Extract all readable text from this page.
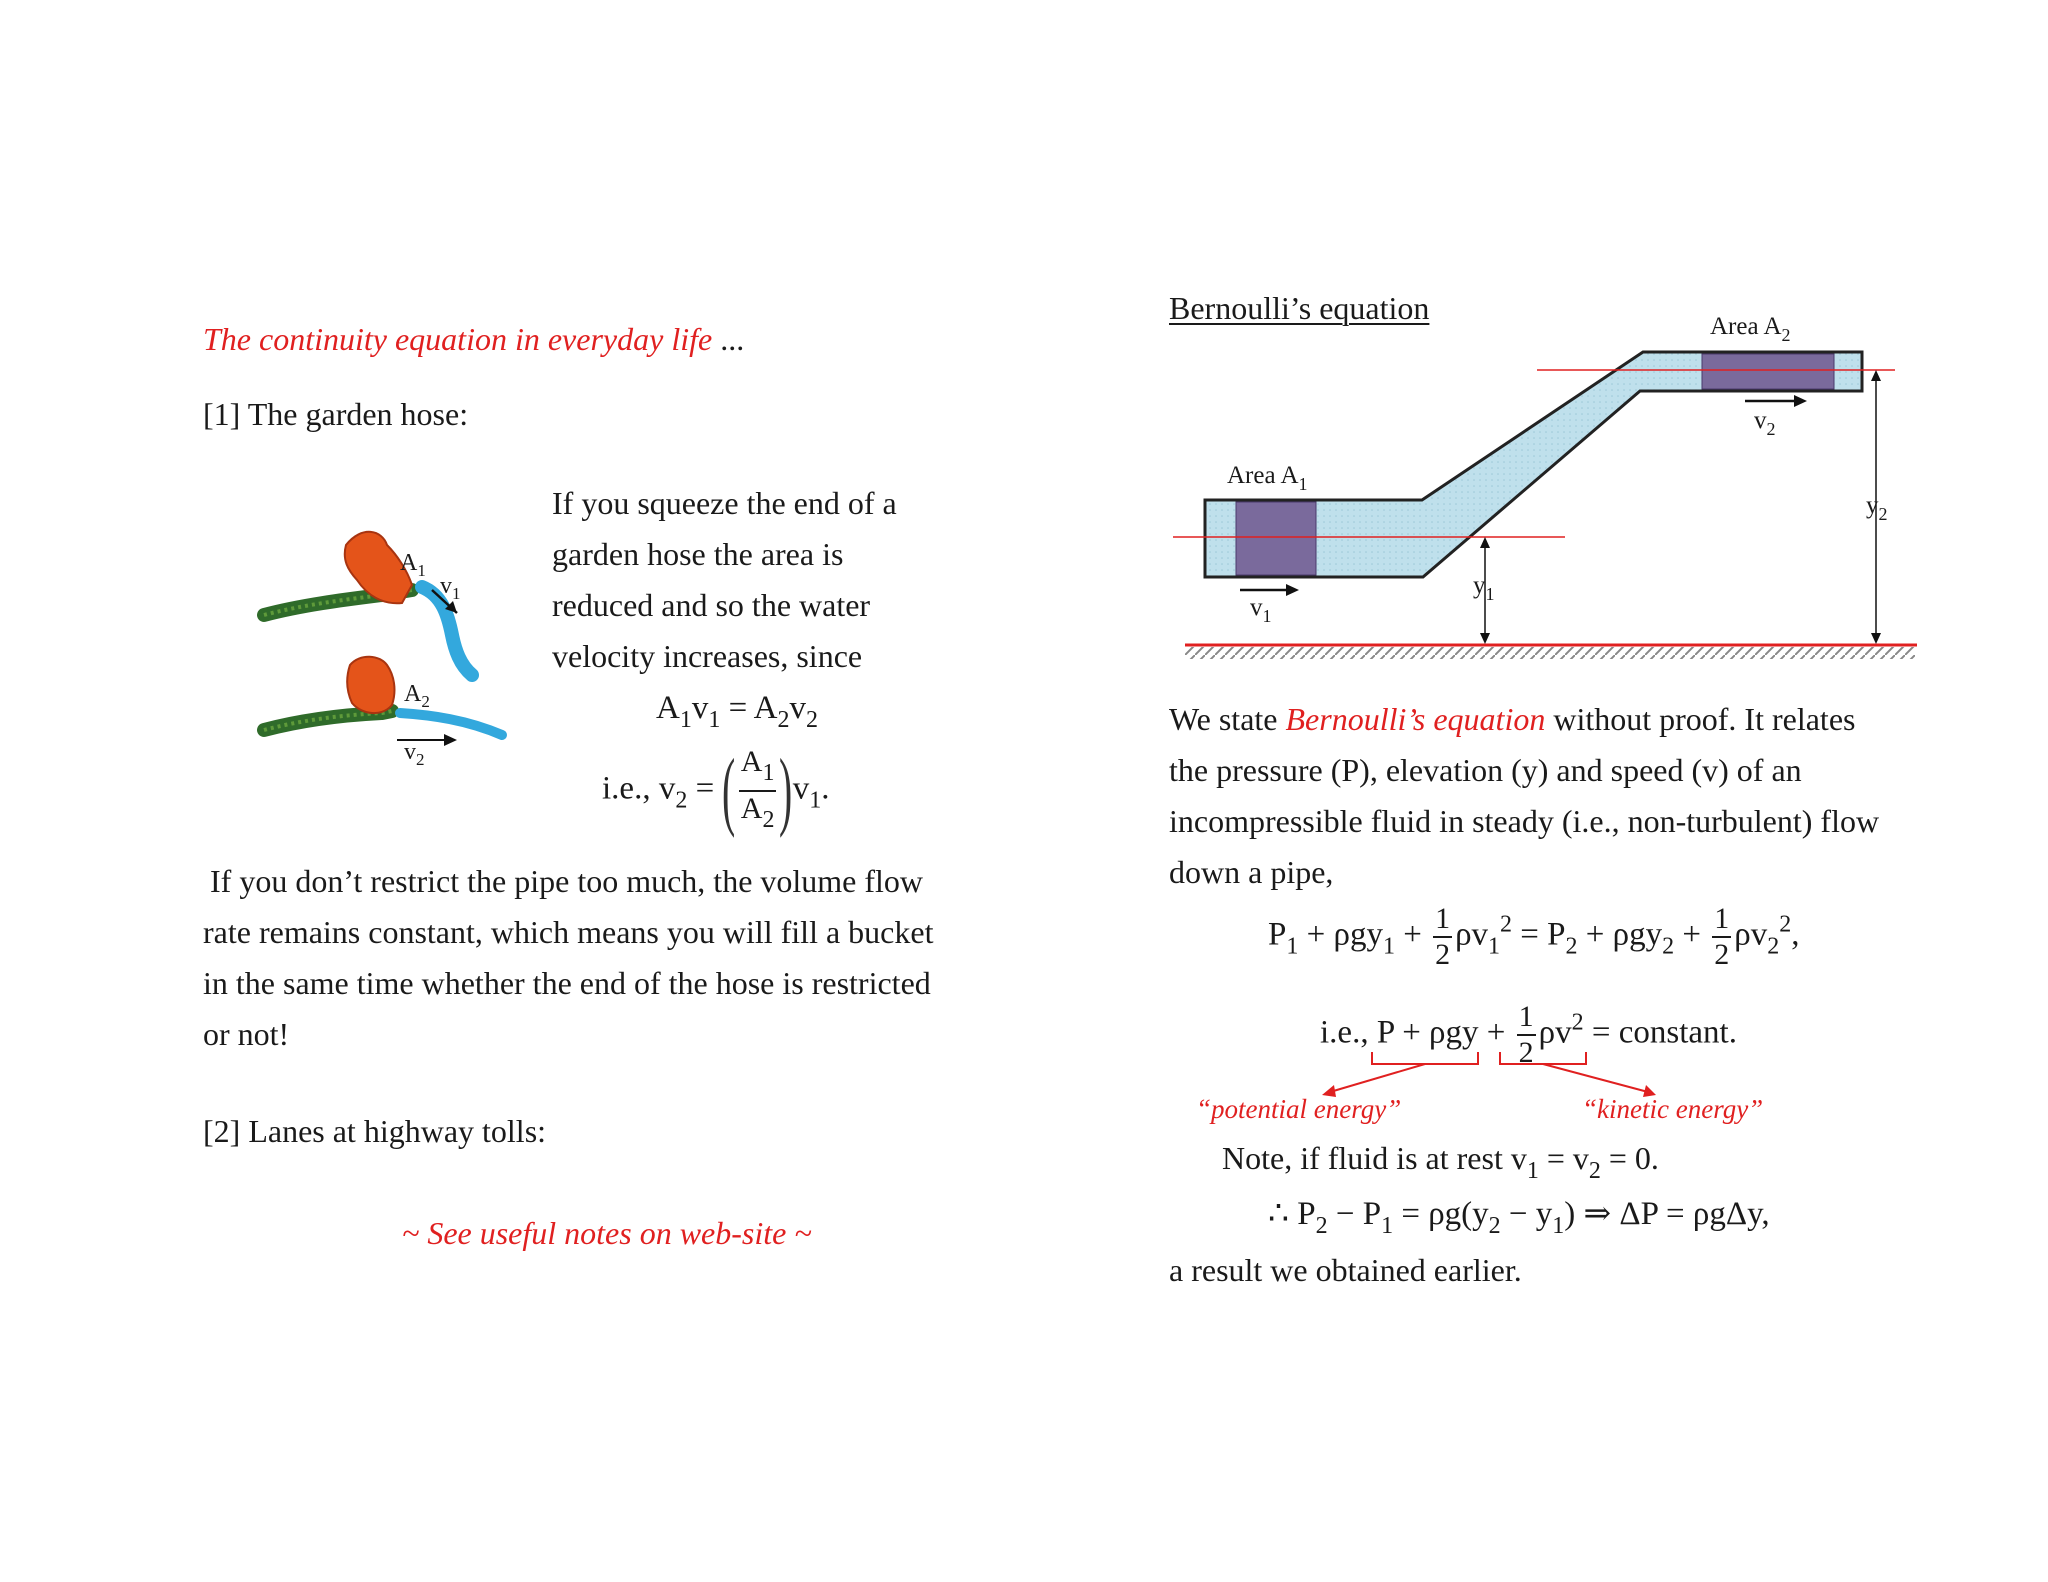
The continuity equation in everyday life ...
[1] The garden hose:
$A_1$
$v_1$
$A_2$
$v_2$
If you squeeze the end of a
garden hose the area is
reduced and so the water
velocity increases, since
$A_1v_1 = A_2v_2$
i.e., $v_2$ = ( $\frac{A_1}{A_2} )v_1$.
If you don’t restrict the pipe too much, the volume flow
rate remains constant, which means you will fill a bucket
in the same time whether the end of the hose is restricted
or not!
[2] Lanes at highway tolls:
~ See useful notes on web-site ~
Bernoulli’s equation
Area $A_1$
Area $A_2$
$v_1$
$v_2$
$y_1$
$y_2$
We state Bernoulli’s equation without proof. It relates
the pressure (P), elevation (y) and speed (v) of an
incompressible fluid in steady (i.e., non-turbulent) flow
down a pipe,
$P_1 + \rho gy_1 + \frac{1}{2} \rho v_1^2 = P_2 + \rho gy_2 + \frac{1}{2} \rho v_2^2$,
i.e., $P + \rho gy + \frac{1}{2} \rho v^2$ = constant.
“potential energy”	“kinetic energy”
Note, if fluid is at rest $v_1 = v_2 = 0$.
∴ $P_2 - P_1 = \rho g(y_2 - y_1)$ ⇒ ΔP = ρgΔy,
a result we obtained earlier.
